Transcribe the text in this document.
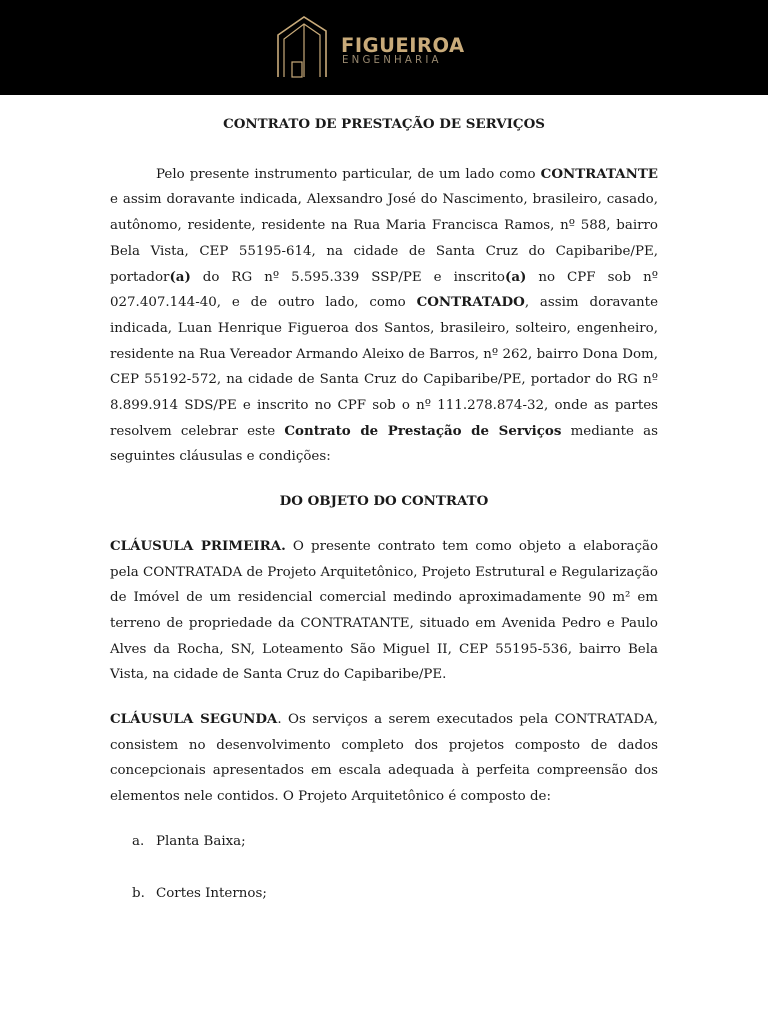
FIGUEIROA
ENGENHARIA

CONTRATO DE PRESTAÇÃO DE SERVIÇOS

Pelo presente instrumento particular, de um lado como CONTRATANTE e assim doravante indicada, Alexsandro José do Nascimento, brasileiro, casado, autônomo, residente, residente na Rua Maria Francisca Ramos, nº 588, bairro Bela Vista, CEP 55195-614, na cidade de Santa Cruz do Capibaribe/PE, portador(a) do RG nº 5.595.339 SSP/PE e inscrito(a) no CPF sob nº 027.407.144-40, e de outro lado, como CONTRATADO, assim doravante indicada, Luan Henrique Figueroa dos Santos, brasileiro, solteiro, engenheiro, residente na Rua Vereador Armando Aleixo de Barros, nº 262, bairro Dona Dom, CEP 55192-572, na cidade de Santa Cruz do Capibaribe/PE, portador do RG nº 8.899.914 SDS/PE e inscrito no CPF sob o nº 111.278.874-32, onde as partes resolvem celebrar este Contrato de Prestação de Serviços mediante as seguintes cláusulas e condições:

DO OBJETO DO CONTRATO

CLÁUSULA PRIMEIRA. O presente contrato tem como objeto a elaboração pela CONTRATADA de Projeto Arquitetônico, Projeto Estrutural e Regularização de Imóvel de um residencial comercial medindo aproximadamente 90 m² em terreno de propriedade da CONTRATANTE, situado em Avenida Pedro e Paulo Alves da Rocha, SN, Loteamento São Miguel II, CEP 55195-536, bairro Bela Vista, na cidade de Santa Cruz do Capibaribe/PE.
CLÁUSULA SEGUNDA. Os serviços a serem executados pela CONTRATADA, consistem no desenvolvimento completo dos projetos composto de dados concepcionais apresentados em escala adequada à perfeita compreensão dos elementos nele contidos. O Projeto Arquitetônico é composto de:
a. Planta Baixa;
b. Cortes Internos;
